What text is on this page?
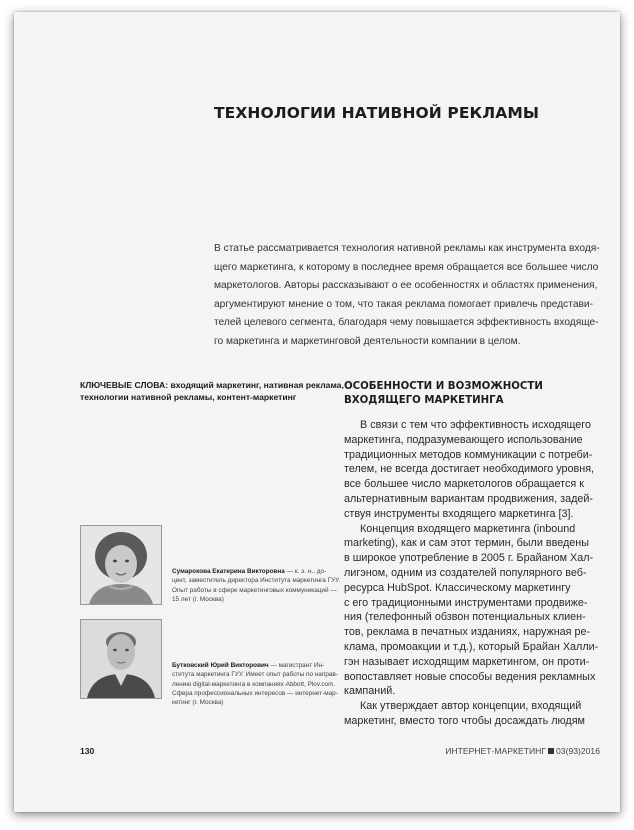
ТЕХНОЛОГИИ НАТИВНОЙ РЕКЛАМЫ
В статье рассматривается технология нативной рекламы как инструмента входя-
щего маркетинга, к которому в последнее время обращается все большее число
маркетологов. Авторы рассказывают о ее особенностях и областях применения,
аргументируют мнение о том, что такая реклама помогает привлечь представи-
телей целевого сегмента, благодаря чему повышается эффективность входяще-
го маркетинга и маркетинговой деятельности компании в целом.
КЛЮЧЕВЫЕ СЛОВА: входящий маркетинг, нативная реклама,
технологии нативной рекламы, контент-маркетинг
Сумарокова Екатерина Викторовна — к. э. н., до-
цент, заместитель директора Института маркетинга ГУУ.
Опыт работы в сфере маркетинговых коммуникаций —
15 лет (г. Москва)
Бутковский Юрий Викторович — магистрант Ин-
ститута маркетинга ГУУ. Имеет опыт работы по направ-
лению digital-маркетинга в компаниях Abbott, Plov.com.
Сфера профессиональных интересов — интернет-мар-
кетинг (г. Москва)
ОСОБЕННОСТИ И ВОЗМОЖНОСТИ
ВХОДЯЩЕГО МАРКЕТИНГА
В связи с тем что эффективность исходящего
маркетинга, подразумевающего использование
традиционных методов коммуникации с потреби-
телем, не всегда достигает необходимого уровня,
все большее число маркетологов обращается к
альтернативным вариантам продвижения, задей-
ствуя инструменты входящего маркетинга [3].
Концепция входящего маркетинга (inbound
marketing), как и сам этот термин, были введены
в широкое употребление в 2005 г. Брайаном Хал-
лигэном, одним из создателей популярного веб-
ресурса HubSpot. Классическому маркетингу
с его традиционными инструментами продвиже-
ния (телефонный обзвон потенциальных клиен-
тов, реклама в печатных изданиях, наружная ре-
клама, промоакции и т.д.), который Брайан Халли-
гэн называет исходящим маркетингом, он проти-
вопоставляет новые способы ведения рекламных
кампаний.
Как утверждает автор концепции, входящий
маркетинг, вместо того чтобы досаждать людям
130	ИНТЕРНЕТ-МАРКЕТИНГ 03(93)2016
